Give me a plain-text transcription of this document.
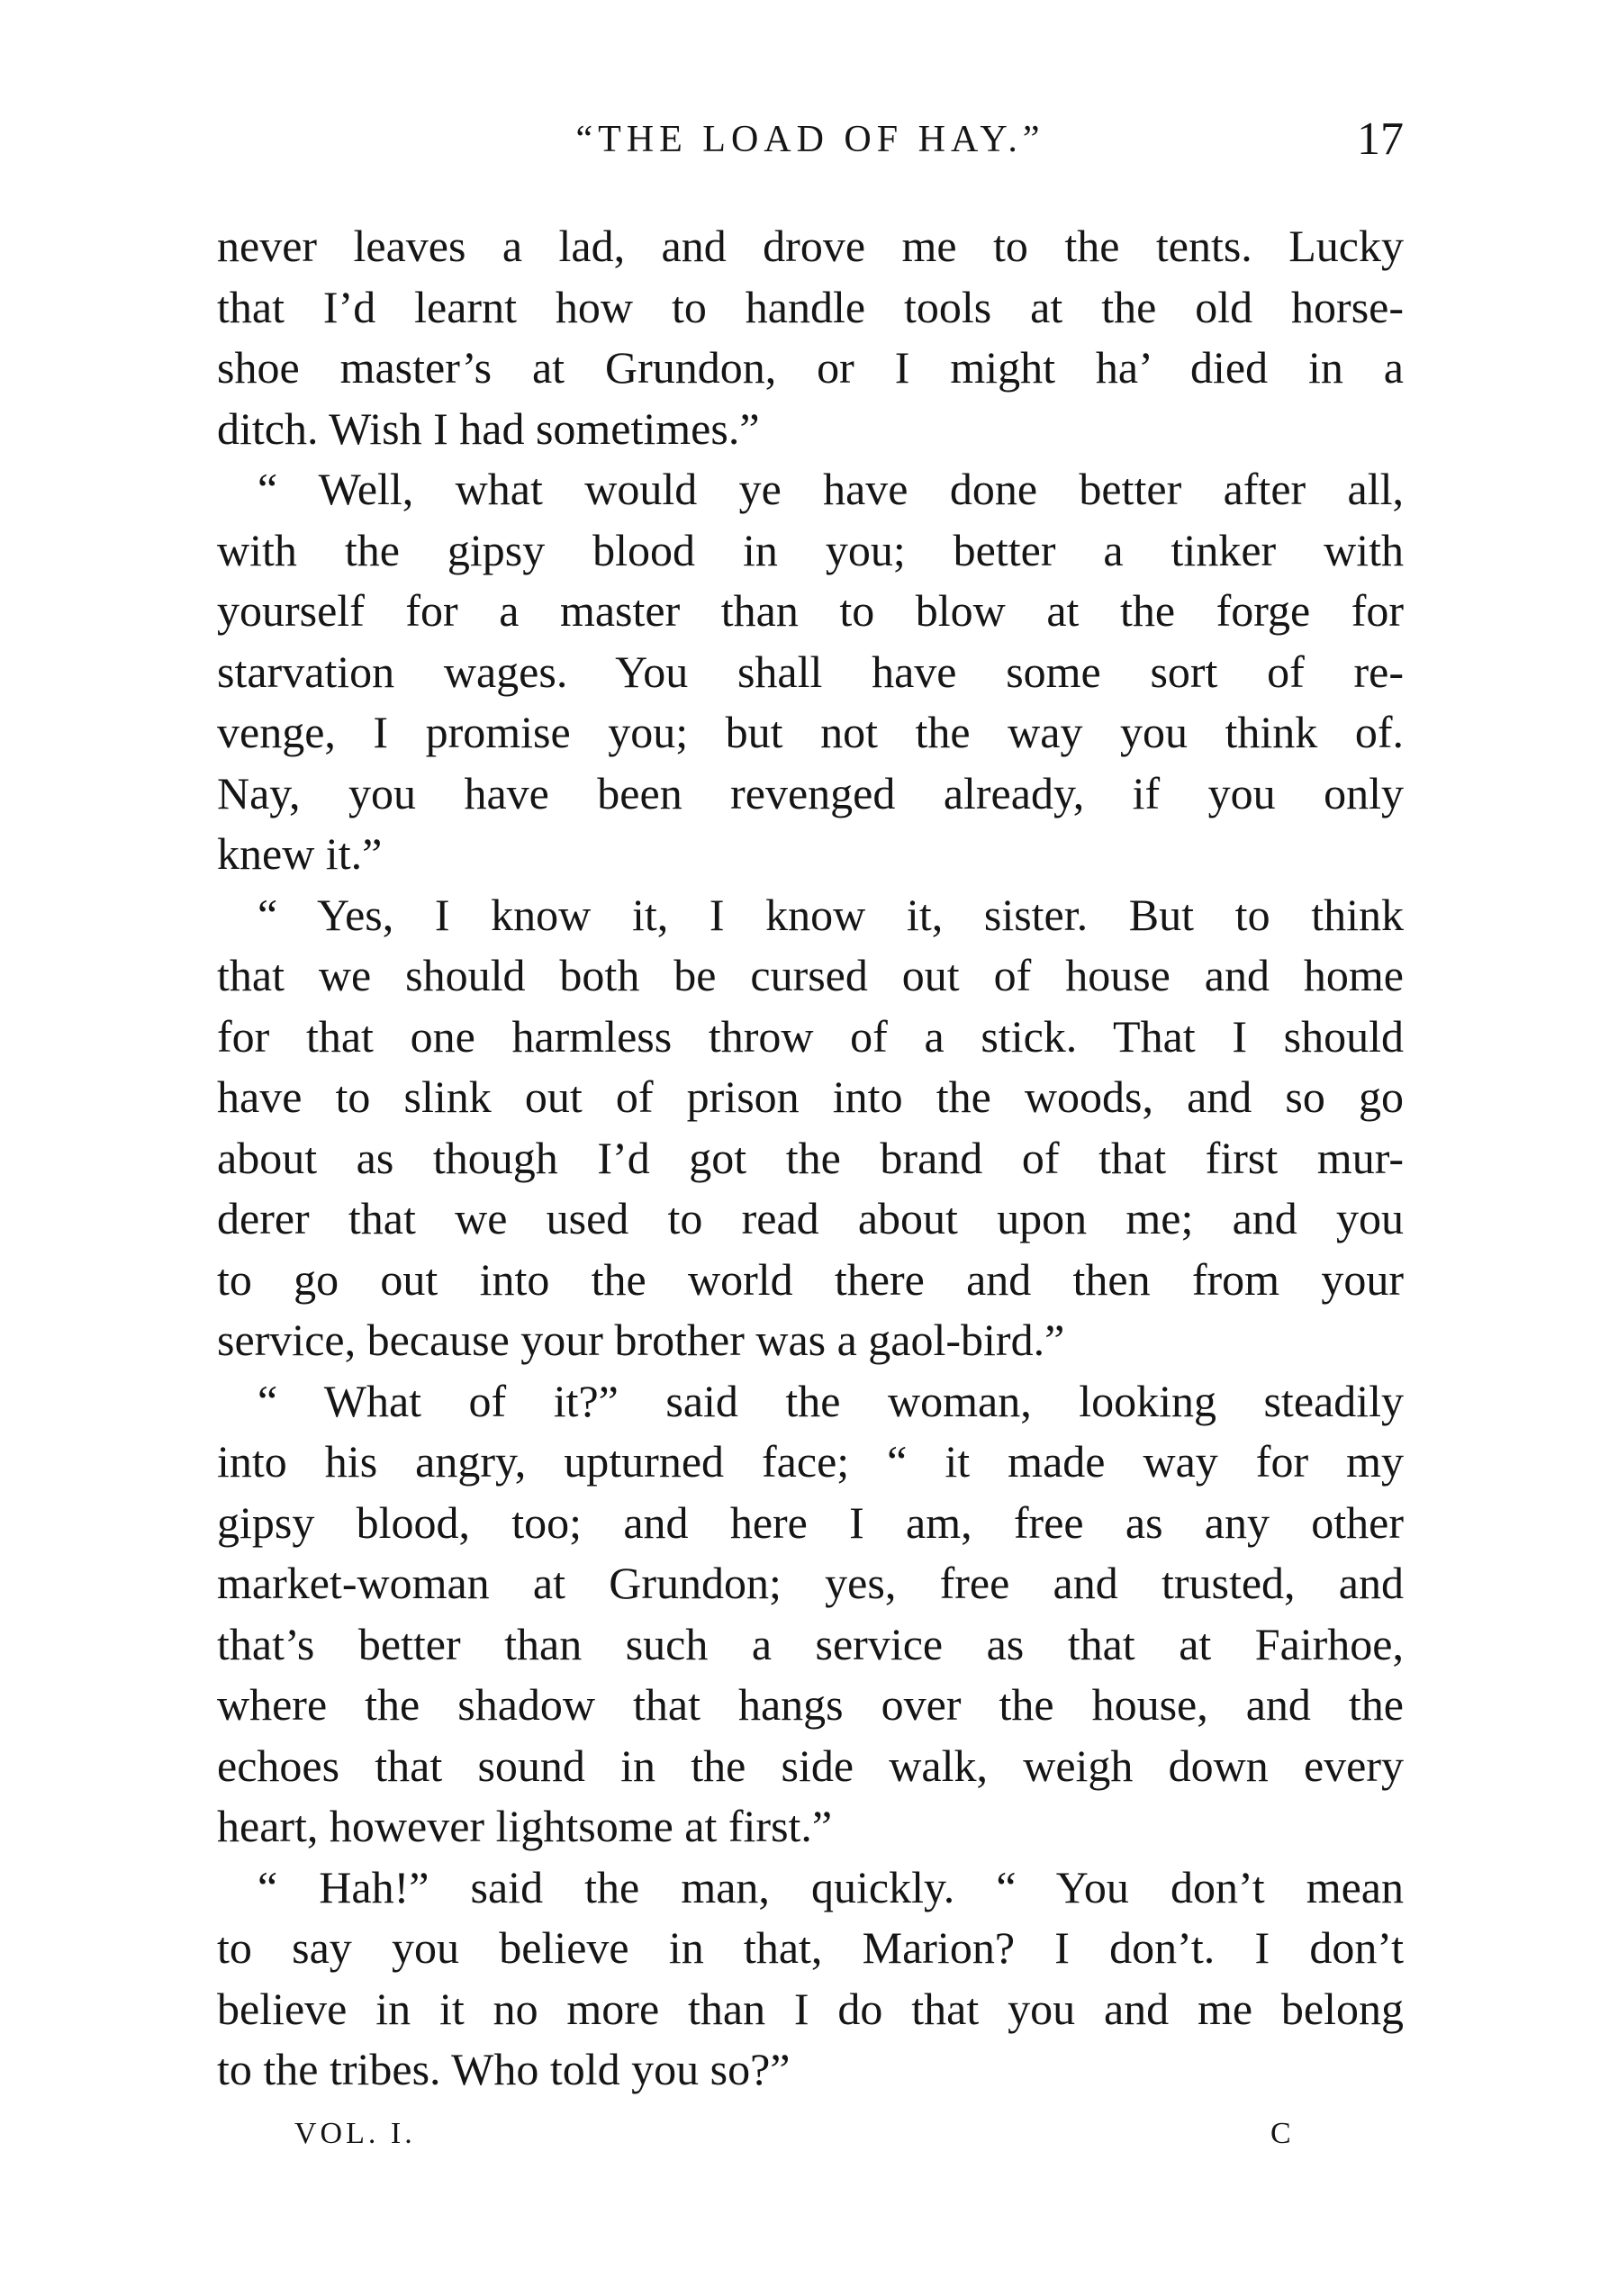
“THE LOAD OF HAY.”	17
never leaves a lad, and drove me to the tents. Lucky
that I’d learnt how to handle tools at the old horse-
shoe master’s at Grundon, or I might ha’ died in a
ditch. Wish I had sometimes.”
“ Well, what would ye have done better after all,
with the gipsy blood in you; better a tinker with
yourself for a master than to blow at the forge for
starvation wages. You shall have some sort of re-
venge, I promise you; but not the way you think of.
Nay, you have been revenged already, if you only
knew it.”
“ Yes, I know it, I know it, sister. But to think
that we should both be cursed out of house and home
for that one harmless throw of a stick. That I should
have to slink out of prison into the woods, and so go
about as though I’d got the brand of that first mur-
derer that we used to read about upon me; and you
to go out into the world there and then from your
service, because your brother was a gaol-bird.”
“ What of it?” said the woman, looking steadily
into his angry, upturned face; “ it made way for my
gipsy blood, too; and here I am, free as any other
market-woman at Grundon; yes, free and trusted, and
that’s better than such a service as that at Fairhoe,
where the shadow that hangs over the house, and the
echoes that sound in the side walk, weigh down every
heart, however lightsome at first.”
“ Hah!” said the man, quickly. “ You don’t mean
to say you believe in that, Marion? I don’t. I don’t
believe in it no more than I do that you and me belong
to the tribes. Who told you so?”
VOL. I.	C
